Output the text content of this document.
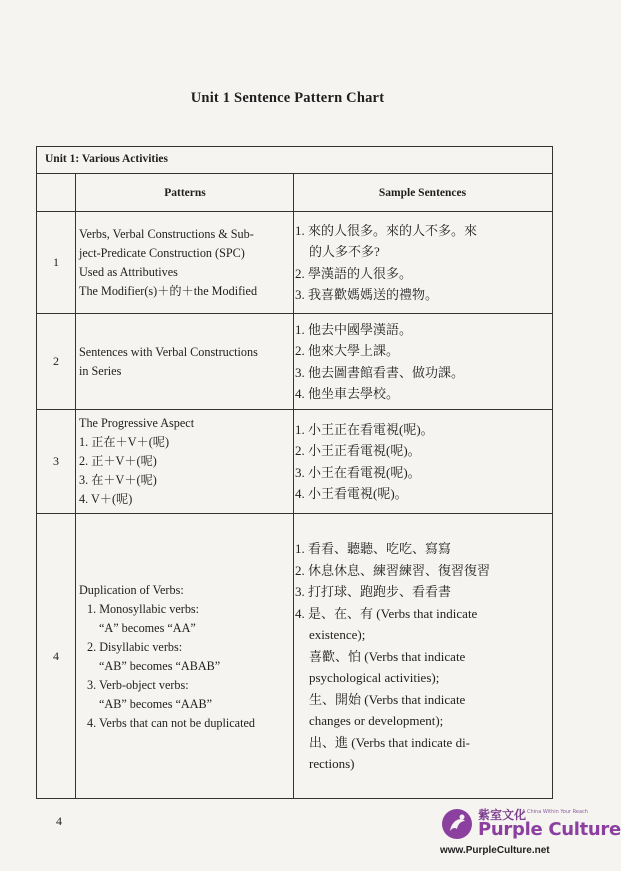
Unit 1 Sentence Pattern Chart
Unit 1: Various Activities
Patterns	Sample Sentences
1
Verbs, Verbal Constructions & Sub-
ject-Predicate Construction (SPC)
Used as Attributives
The Modifier(s)＋的＋the Modified
1. 來的人很多。來的人不多。來
的人多不多?
2. 學漢語的人很多。
3. 我喜歡媽媽送的禮物。
2
Sentences with Verbal Constructions
in Series
1. 他去中國學漢語。
2. 他來大學上課。
3. 他去圖書館看書、做功課。
4. 他坐車去學校。
3
The Progressive Aspect
1. 正在＋V＋(呢)
2. 正＋V＋(呢)
3. 在＋V＋(呢)
4. V＋(呢)
1. 小王正在看電視(呢)。
2. 小王正看電視(呢)。
3. 小王在看電視(呢)。
4. 小王看電視(呢)。
4
Duplication of Verbs:
1. Monosyllabic verbs:
“A” becomes “AA”
2. Disyllabic verbs:
“AB” becomes “ABAB”
3. Verb-object verbs:
“AB” becomes “AAB”
4. Verbs that can not be duplicated
1. 看看、聽聽、吃吃、寫寫
2. 休息休息、練習練習、復習復習
3. 打打球、跑跑步、看看書
4. 是、在、有 (Verbs that indicate
existence);
喜歡、怕 (Verbs that indicate
psychological activities);
生、開始 (Verbs that indicate
changes or development);
出、進 (Verbs that indicate di-
rections)
4	紫室文化
A China Within Your Reach
Purple Culture
www.PurpleCulture.net
